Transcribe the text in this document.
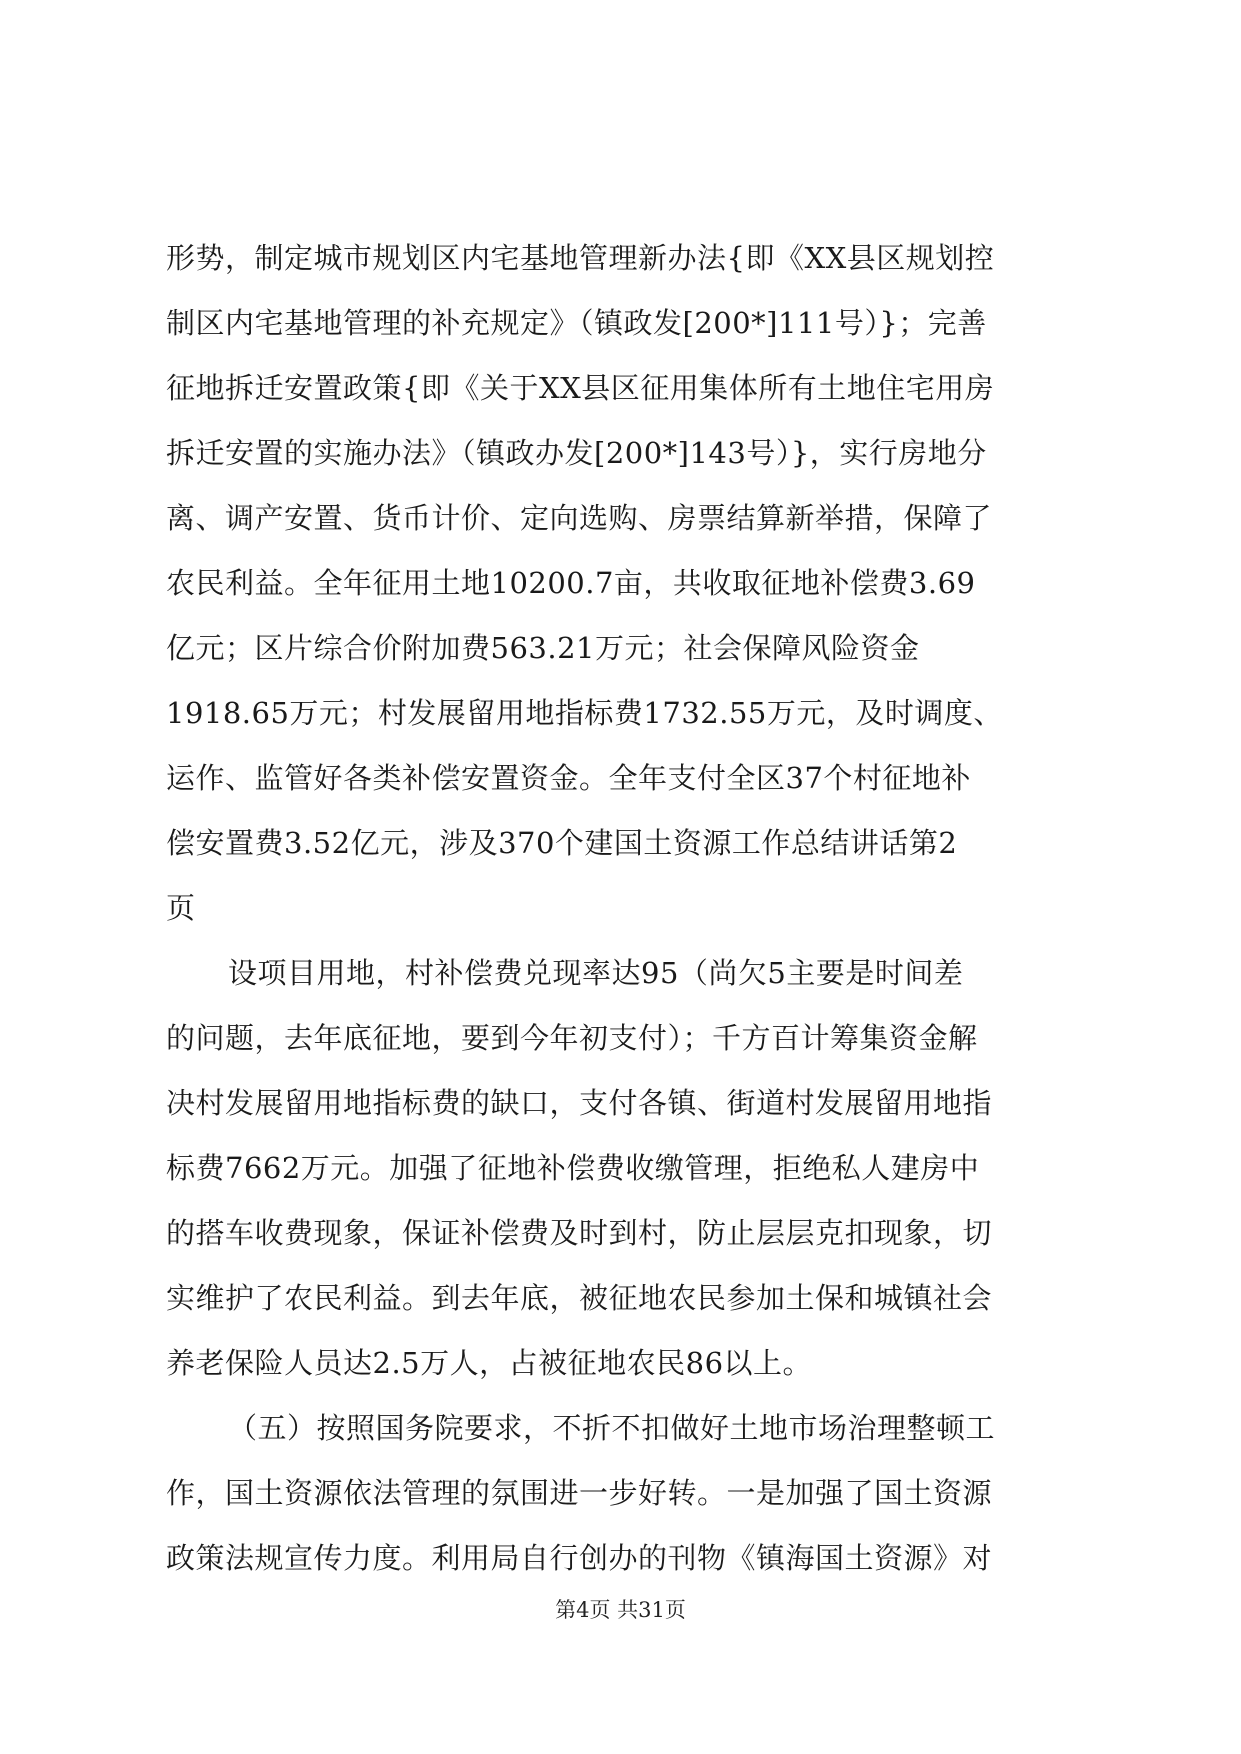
形势，制定城市规划区内宅基地管理新办法{即《XX县区规划控
制区内宅基地管理的补充规定》（镇政发[200*]111号）}；完善
征地拆迁安置政策{即《关于XX县区征用集体所有土地住宅用房
拆迁安置的实施办法》（镇政办发[200*]143号）}，实行房地分
离、调产安置、货币计价、定向选购、房票结算新举措，保障了
农民利益。全年征用土地10200.7亩，共收取征地补偿费3.69
亿元；区片综合价附加费563.21万元；社会保障风险资金
1918.65万元；村发展留用地指标费1732.55万元，及时调度、
运作、监管好各类补偿安置资金。全年支付全区37个村征地补
偿安置费3.52亿元，涉及370个建国土资源工作总结讲话第2
页
设项目用地，村补偿费兑现率达95（尚欠5主要是时间差
的问题，去年底征地，要到今年初支付）；千方百计筹集资金解
决村发展留用地指标费的缺口，支付各镇、街道村发展留用地指
标费7662万元。加强了征地补偿费收缴管理，拒绝私人建房中
的搭车收费现象，保证补偿费及时到村，防止层层克扣现象，切
实维护了农民利益。到去年底，被征地农民参加土保和城镇社会
养老保险人员达2.5万人，占被征地农民86以上。
（五）按照国务院要求，不折不扣做好土地市场治理整顿工
作，国土资源依法管理的氛围进一步好转。一是加强了国土资源
政策法规宣传力度。利用局自行创办的刊物《镇海国土资源》对
第4页 共31页
